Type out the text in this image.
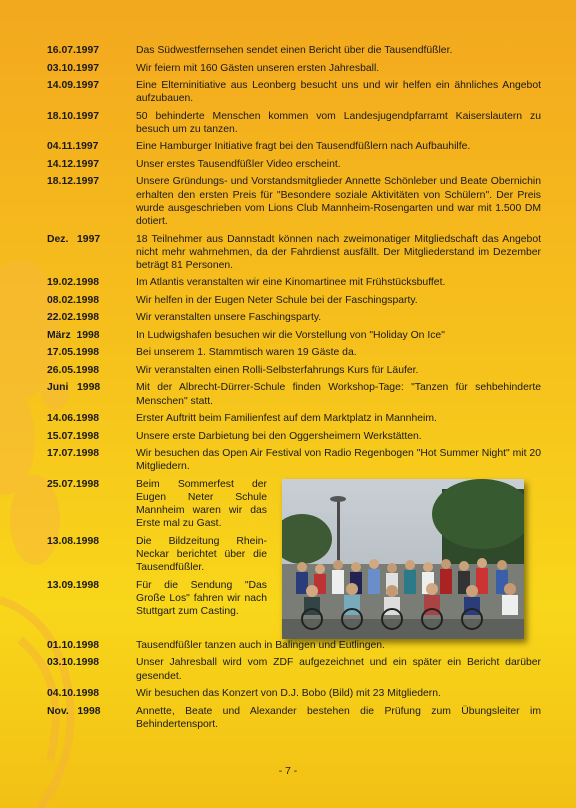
16.07.1997	Das Südwestfernsehen sendet einen Bericht über die Tausendfüßler.
03.10.1997	Wir feiern mit 160 Gästen unseren ersten Jahresball.
14.09.1997	Eine Elterninitiative aus Leonberg besucht uns und wir helfen ein ähnliches Angebot aufzubauen.
18.10.1997	50 behinderte Menschen kommen vom Landesjugendpfarramt Kaiserslautern zu besuch um zu tanzen.
04.11.1997	Eine Hamburger Initiative fragt bei den Tausendfüßlern nach Aufbauhilfe.
14.12.1997	Unser erstes Tausendfüßler Video erscheint.
18.12.1997	Unsere Gründungs- und Vorstandsmitglieder Annette Schönleber und Beate Obernichin erhalten den ersten Preis für "Besondere soziale Aktivitäten von Schülern". Der Preis wurde ausgeschrieben vom Lions Club Mannheim-Rosengarten und war mit 1.500 DM dotiert.
Dez.   1997	18 Teilnehmer aus Dannstadt können nach zweimonatiger Mitgliedschaft das Angebot nicht mehr wahrnehmen, da der Fahrdienst ausfällt. Der Mitgliederstand im Dezember beträgt 81 Personen.
19.02.1998	Im Atlantis veranstalten wir eine Kinomartinee mit Frühstücksbuffet.
08.02.1998	Wir helfen in der Eugen Neter Schule bei der Faschingsparty.
22.02.1998	Wir veranstalten unsere Faschingsparty.
März  1998	In Ludwigshafen besuchen wir die Vorstellung von "Holiday On Ice"
17.05.1998	Bei unserem 1. Stammtisch waren 19 Gäste da.
26.05.1998	Wir veranstalten einen Rolli-Selbsterfahrungs Kurs für Läufer.
Juni   1998	Mit der Albrecht-Dürrer-Schule finden Workshop-Tage: "Tanzen für sehbehinderte Menschen" statt.
14.06.1998	Erster Auftritt beim Familienfest auf dem Marktplatz in Mannheim.
15.07.1998	Unsere erste Darbietung bei den Oggersheimern Werkstätten.
17.07.1998	Wir besuchen das Open Air Festival von Radio Regenbogen "Hot Summer Night" mit 20 Mitgliedern.
25.07.1998	Beim Sommerfest der Eugen Neter Schule Mannheim waren wir das Erste mal zu Gast.
13.08.1998	Die Bildzeitung Rhein-Neckar berichtet über die Tausendfüßler.
13.09.1998	Für die Sendung "Das Große Los" fahren wir nach Stuttgart zum Casting.
01.10.1998	Tausendfüßler tanzen auch in Balingen und Eutlingen.
03.10.1998	Unser Jahresball wird vom ZDF aufgezeichnet und ein später ein Bericht darüber gesendet.
04.10.1998	Wir besuchen das Konzert von D.J. Bobo (Bild) mit 23 Mitgliedern.
Nov.   1998	Annette, Beate und Alexander bestehen die Prüfung zum Übungsleiter im Behindertensport.
- 7 -
